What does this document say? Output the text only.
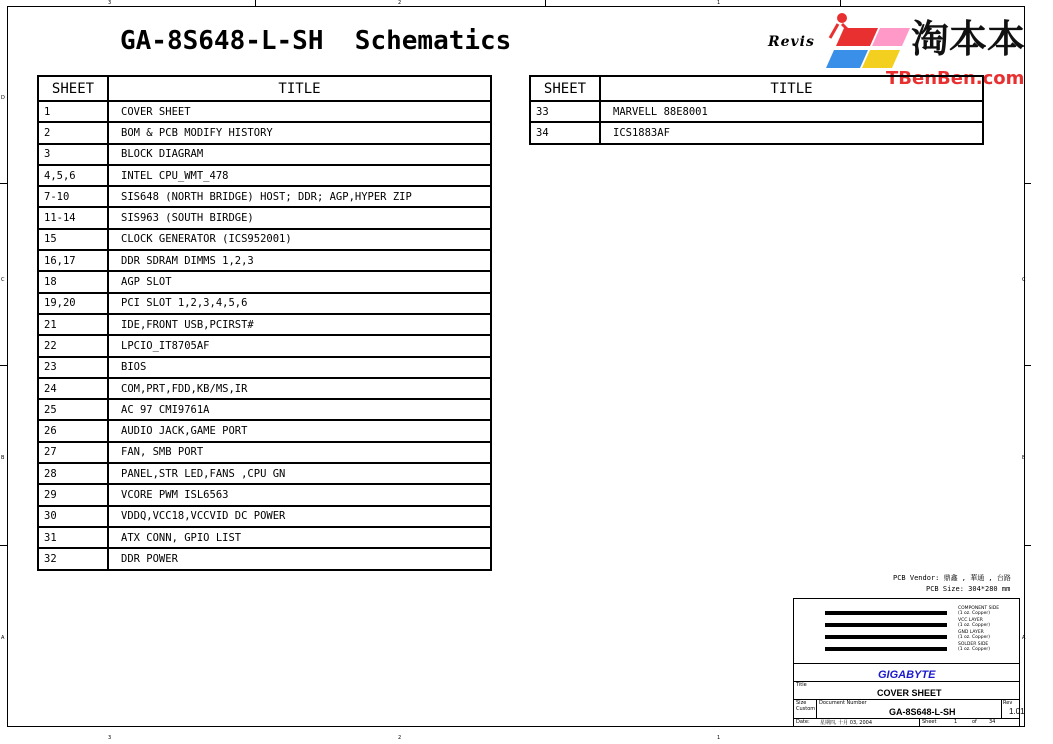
3	2	1
3	2	1
D
C
B
A
C
B
A
GA-8S648-L-SH  Schematics	Revis	淘本本
TBenBen.com
SHEET	TITLE
1	COVER SHEET
2	BOM & PCB MODIFY HISTORY
3	BLOCK DIAGRAM
4,5,6	INTEL CPU_WMT_478
7-10	SIS648 (NORTH BRIDGE) HOST; DDR; AGP,HYPER ZIP
11-14	SIS963 (SOUTH BIRDGE)
15	CLOCK GENERATOR (ICS952001)
16,17	DDR SDRAM DIMMS 1,2,3
18	AGP SLOT
19,20	PCI SLOT 1,2,3,4,5,6
21	IDE,FRONT USB,PCIRST#
22	LPCIO_IT8705AF
23	BIOS
24	COM,PRT,FDD,KB/MS,IR
25	AC 97 CMI9761A
26	AUDIO JACK,GAME PORT
27	FAN, SMB PORT
28	PANEL,STR LED,FANS ,CPU GN
29	VCORE PWM ISL6563
30	VDDQ,VCC18,VCCVID DC POWER
31	ATX CONN, GPIO LIST
32	DDR POWER
SHEET	TITLE
33	MARVELL 88E8001
34	ICS1883AF
PCB Vendor: 鼎鑫 , 華通 , 台路
PCB Size: 304*280 mm
COMPONENT SIDE
(1 oz. Copper)
VCC LAYER
(1 oz. Copper)
GND LAYER
(1 oz. Copper)
SOLDER SIDE
(1 oz. Copper)
GIGABYTE
Title
COVER SHEET
Size
Custom
Document Number
GA-8S648-L-SH
Rev
1.01
Date: 星期四, 十月 03, 2004	Sheet	1	of 34
